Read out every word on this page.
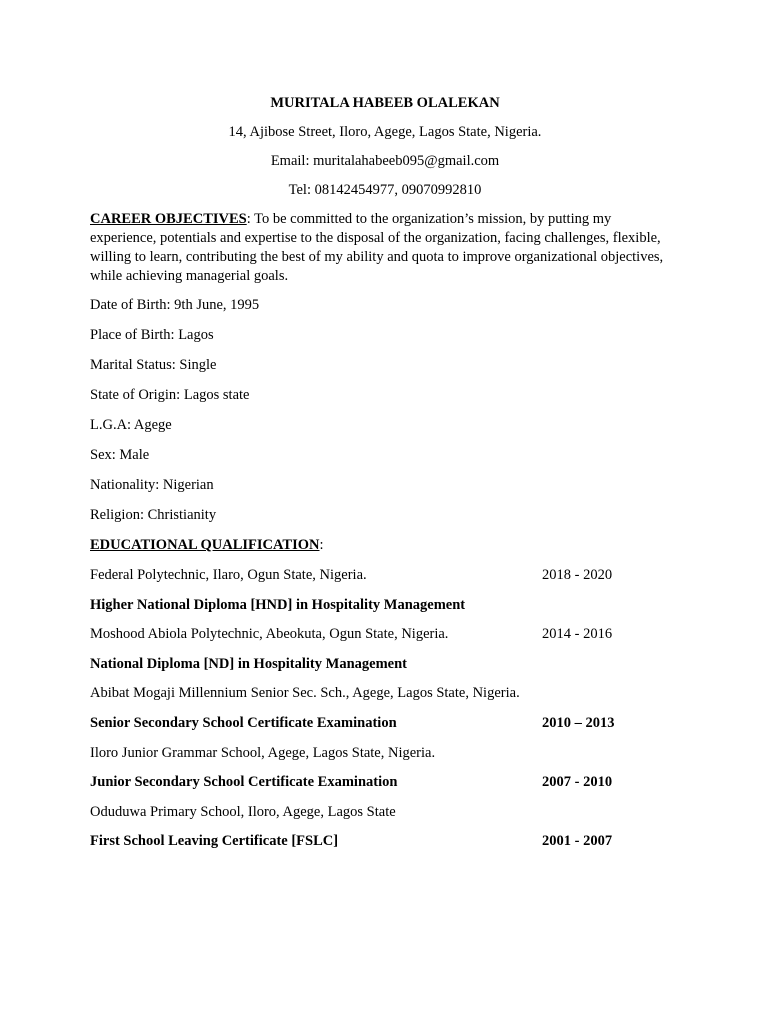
MURITALA HABEEB OLALEKAN

14, Ajibose Street, Iloro, Agege, Lagos State, Nigeria.

Email: muritalahabeeb095@gmail.com

Tel: 08142454977, 09070992810

CAREER OBJECTIVES: To be committed to the organization’s mission, by putting my experience, potentials and expertise to the disposal of the organization, facing challenges, flexible, willing to learn, contributing the best of my ability and quota to improve organizational objectives, while achieving managerial goals.

Date of Birth: 9th June, 1995

Place of Birth: Lagos

Marital Status: Single

State of Origin: Lagos state

L.G.A: Agege

Sex: Male

Nationality: Nigerian

Religion: Christianity

EDUCATIONAL QUALIFICATION:

Federal Polytechnic, Ilaro, Ogun State, Nigeria.	2018 - 2020
Higher National Diploma [HND] in Hospitality Management
Moshood Abiola Polytechnic, Abeokuta, Ogun State, Nigeria.	2014 - 2016
National Diploma [ND] in Hospitality Management
Abibat Mogaji Millennium Senior Sec. Sch., Agege, Lagos State, Nigeria.
Senior Secondary School Certificate Examination	2010 – 2013
Iloro Junior Grammar School, Agege, Lagos State, Nigeria.
Junior Secondary School Certificate Examination	2007 - 2010
Oduduwa Primary School, Iloro, Agege, Lagos State
First School Leaving Certificate [FSLC]	2001 - 2007
